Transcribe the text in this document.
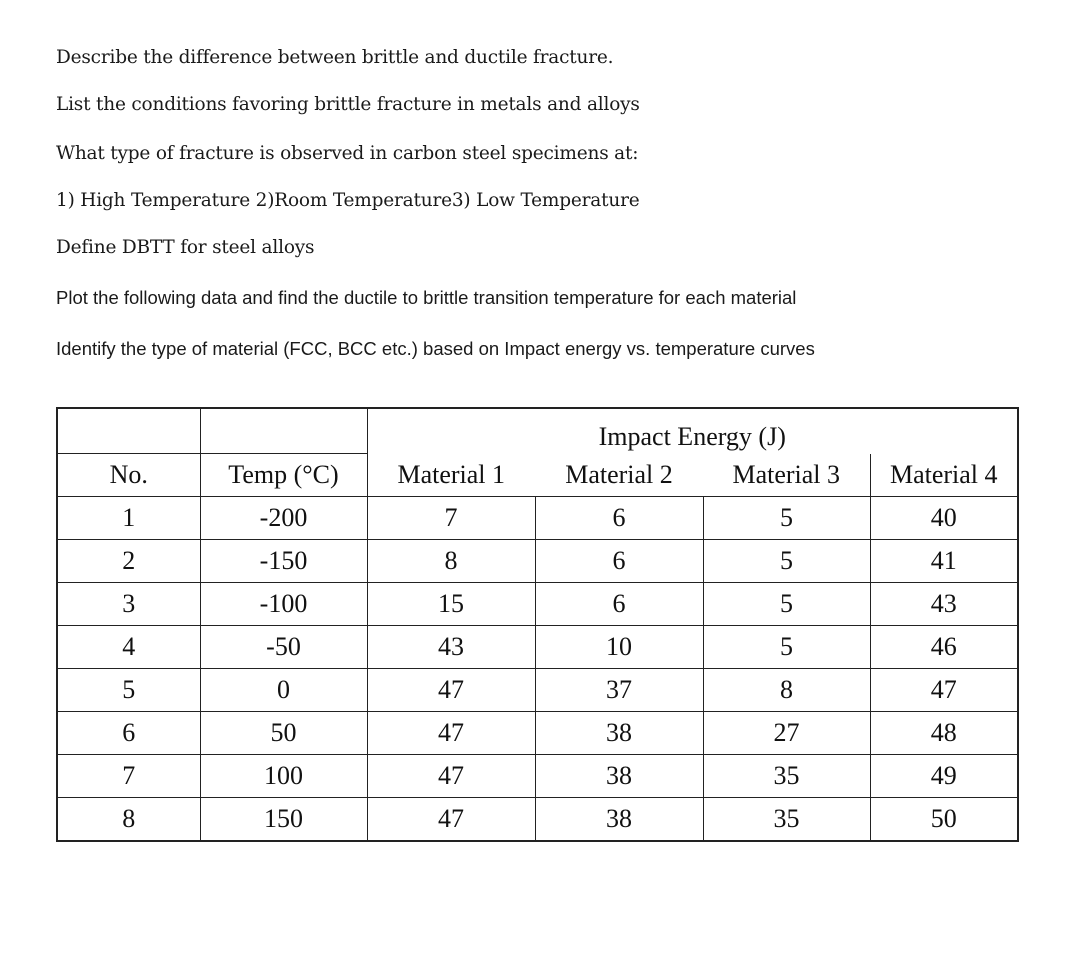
Describe the difference between brittle and ductile fracture.
List the conditions favoring brittle fracture in metals and alloys
What type of fracture is observed in carbon steel specimens at:
1) High Temperature 2)Room Temperature3) Low Temperature
Define DBTT for steel alloys
Plot the following data and find the ductile to brittle transition temperature for each material
Identify the type of material (FCC, BCC etc.) based on Impact energy vs. temperature curves
		Impact Energy (J)			
No.	Temp (°C)	Material 1	Material 2	Material 3	Material 4
1	-200	7	6	5	40
2	-150	8	6	5	41
3	-100	15	6	5	43
4	-50	43	10	5	46
5	0	47	37	8	47
6	50	47	38	27	48
7	100	47	38	35	49
8	150	47	38	35	50
